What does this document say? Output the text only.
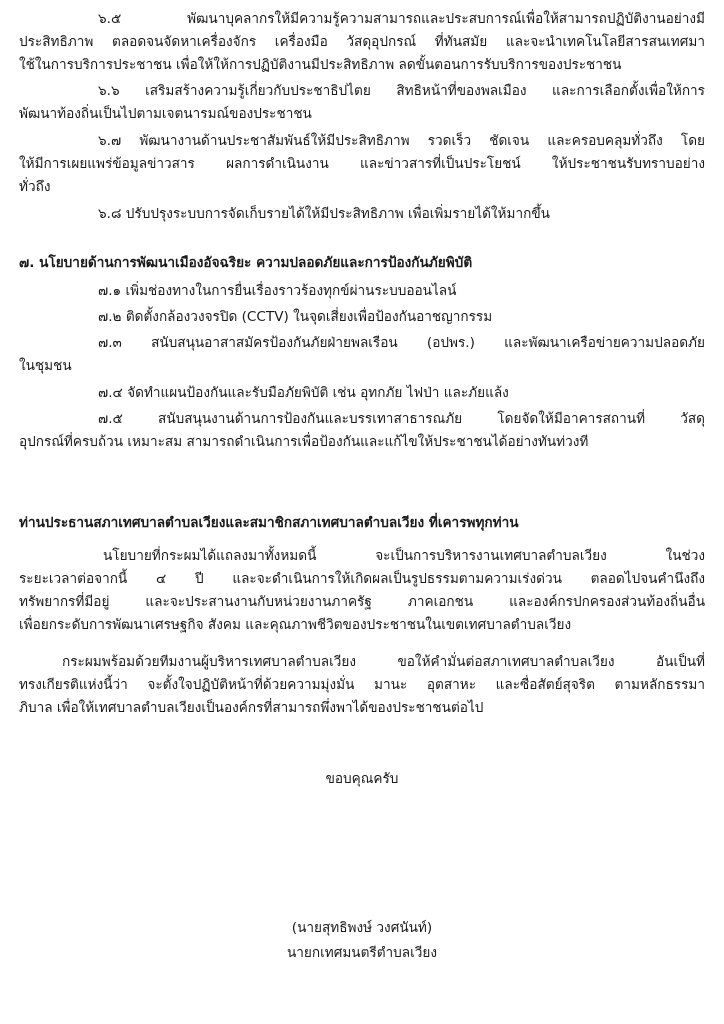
๖.๕ พัฒนาบุคลากรให้มีความรู้ความสามารถและประสบการณ์เพื่อให้สามารถปฏิบัติงานอย่างมี
ประสิทธิภาพ ตลอดจนจัดหาเครื่องจักร เครื่องมือ วัสดุอุปกรณ์ ที่ทันสมัย และจะนำเทคโนโลยีสารสนเทศมา
ใช้ในการบริการประชาชน เพื่อให้ให้การปฏิบัติงานมีประสิทธิภาพ ลดขั้นตอนการรับบริการของประชาชน
๖.๖ เสริมสร้างความรู้เกี่ยวกับประชาธิปไตย สิทธิหน้าที่ของพลเมือง และการเลือกตั้งเพื่อให้การ
พัฒนาท้องถิ่นเป็นไปตามเจตนารมณ์ของประชาชน
๖.๗ พัฒนางานด้านประชาสัมพันธ์ให้มีประสิทธิภาพ รวดเร็ว ชัดเจน และครอบคลุมทั่วถึง โดย
ให้มีการเผยแพร่ข้อมูลข่าวสาร ผลการดำเนินงาน และข่าวสารที่เป็นประโยชน์ ให้ประชาชนรับทราบอย่าง
ทั่วถึง
๖.๘ ปรับปรุงระบบการจัดเก็บรายได้ให้มีประสิทธิภาพ เพื่อเพิ่มรายได้ให้มากขึ้น
๗. นโยบายด้านการพัฒนาเมืองอัจฉริยะ ความปลอดภัยและการป้องกันภัยพิบัติ
๗.๑ เพิ่มช่องทางในการยื่นเรื่องราวร้องทุกข์ผ่านระบบออนไลน์
๗.๒ ติดตั้งกล้องวงจรปิด (CCTV) ในจุดเสี่ยงเพื่อป้องกันอาชญากรรม
๗.๓ สนับสนุนอาสาสมัครป้องกันภัยฝ่ายพลเรือน (อปพร.) และพัฒนาเครือข่ายความปลอดภัย
ในชุมชน
๗.๔ จัดทำแผนป้องกันและรับมือภัยพิบัติ เช่น อุทกภัย ไฟป่า และภัยแล้ง
๗.๕ สนับสนุนงานด้านการป้องกันและบรรเทาสาธารณภัย โดยจัดให้มีอาคารสถานที่ วัสดุ
อุปกรณ์ที่ครบถ้วน เหมาะสม สามารถดำเนินการเพื่อป้องกันและแก้ไขให้ประชาชนได้อย่างทันท่วงที
ท่านประธานสภาเทศบาลตำบลเวียงและสมาชิกสภาเทศบาลตำบลเวียง ที่เคารพทุกท่าน
นโยบายที่กระผมได้แถลงมาทั้งหมดนี้ จะเป็นการบริหารงานเทศบาลตำบลเวียง ในช่วง
ระยะเวลาต่อจากนี้ ๔ ปี และจะดำเนินการให้เกิดผลเป็นรูปธรรมตามความเร่งด่วน ตลอดไปจนคำนึงถึง
ทรัพยากรที่มีอยู่ และจะประสานงานกับหน่วยงานภาครัฐ ภาคเอกชน และองค์กรปกครองส่วนท้องถิ่นอื่น
เพื่อยกระดับการพัฒนาเศรษฐกิจ สังคม และคุณภาพชีวิตของประชาชนในเขตเทศบาลตำบลเวียง
กระผมพร้อมด้วยทีมงานผู้บริหารเทศบาลตำบลเวียง ขอให้คำมั่นต่อสภาเทศบาลตำบลเวียง อันเป็นที่
ทรงเกียรติแห่งนี้ว่า จะตั้งใจปฏิบัติหน้าที่ด้วยความมุ่งมั่น มานะ อุตสาหะ และซื่อสัตย์สุจริต ตามหลักธรรมา
ภิบาล เพื่อให้เทศบาลตำบลเวียงเป็นองค์กรที่สามารถพึ่งพาได้ของประชาชนต่อไป
ขอบคุณครับ
(นายสุทธิพงษ์ วงศนันท์)
นายกเทศมนตรีตำบลเวียง
